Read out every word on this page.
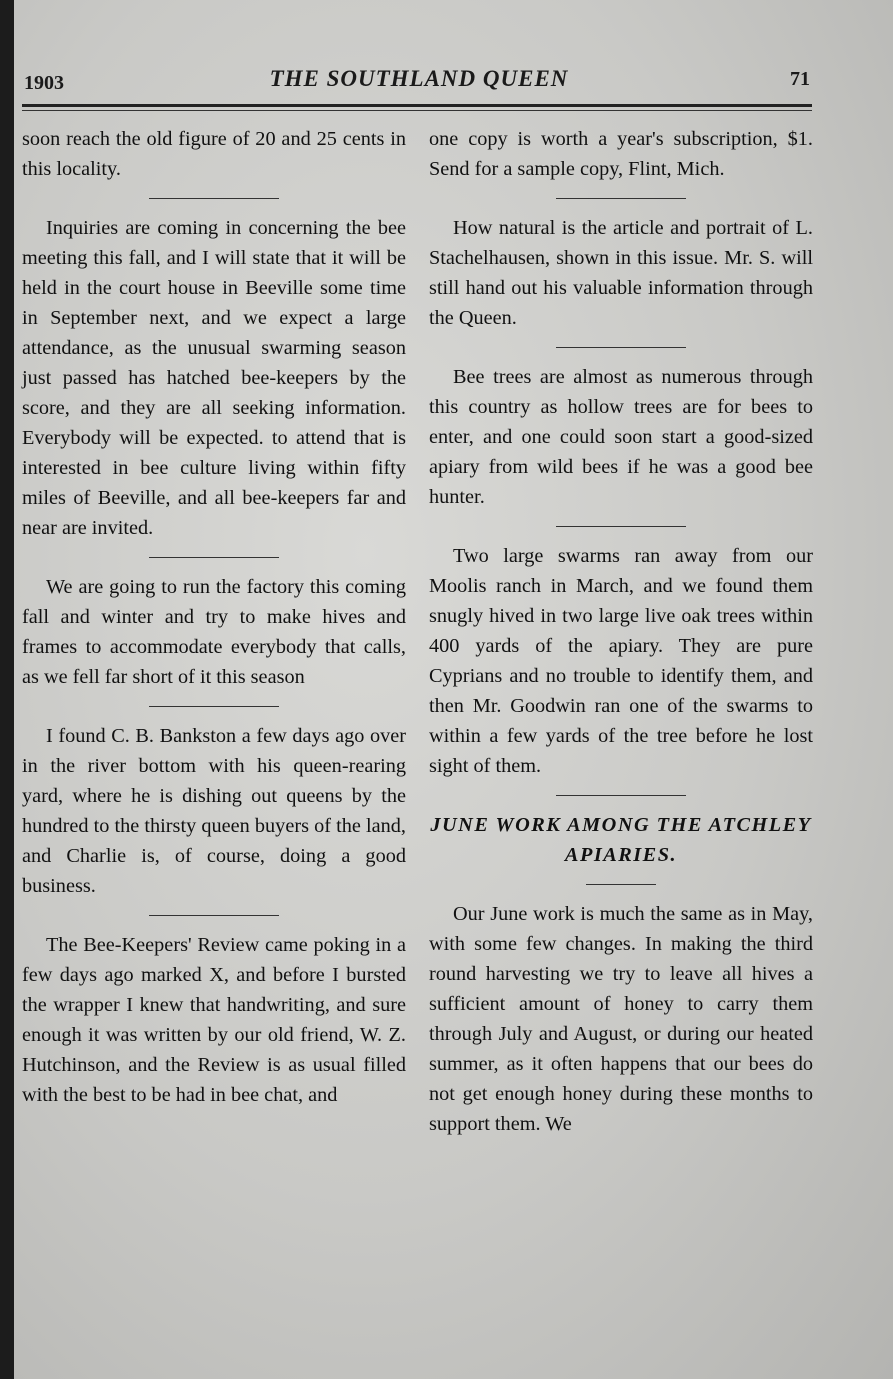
1903	THE SOUTHLAND QUEEN	71

soon reach the old figure of 20 and 25 cents in this locality.

Inquiries are coming in concerning the bee meeting this fall, and I will state that it will be held in the court house in Beeville some time in September next, and we expect a large attendance, as the unusual swarming season just passed has hatched bee-keepers by the score, and they are all seeking information. Everybody will be expected. to attend that is interested in bee culture living within fifty miles of Beeville, and all bee-keepers far and near are invited.

We are going to run the factory this coming fall and winter and try to make hives and frames to accommodate everybody that calls, as we fell far short of it this season

I found C. B. Bankston a few days ago over in the river bottom with his queen-rearing yard, where he is dishing out queens by the hundred to the thirsty queen buyers of the land, and Charlie is, of course, doing a good business.

The Bee-Keepers' Review came poking in a few days ago marked X, and before I bursted the wrapper I knew that handwriting, and sure enough it was written by our old friend, W. Z. Hutchinson, and the Review is as usual filled with the best to be had in bee chat, and

one copy is worth a year's subscription, $1. Send for a sample copy, Flint, Mich.

How natural is the article and portrait of L. Stachelhausen, shown in this issue. Mr. S. will still hand out his valuable information through the Queen.

Bee trees are almost as numerous through this country as hollow trees are for bees to enter, and one could soon start a good-sized apiary from wild bees if he was a good bee hunter.

Two large swarms ran away from our Moolis ranch in March, and we found them snugly hived in two large live oak trees within 400 yards of the apiary. They are pure Cyprians and no trouble to identify them, and then Mr. Goodwin ran one of the swarms to within a few yards of the tree before he lost sight of them.

JUNE WORK AMONG THE ATCHLEY APIARIES.

Our June work is much the same as in May, with some few changes. In making the third round harvesting we try to leave all hives a sufficient amount of honey to carry them through July and August, or during our heated summer, as it often happens that our bees do not get enough honey during these months to support them. We
